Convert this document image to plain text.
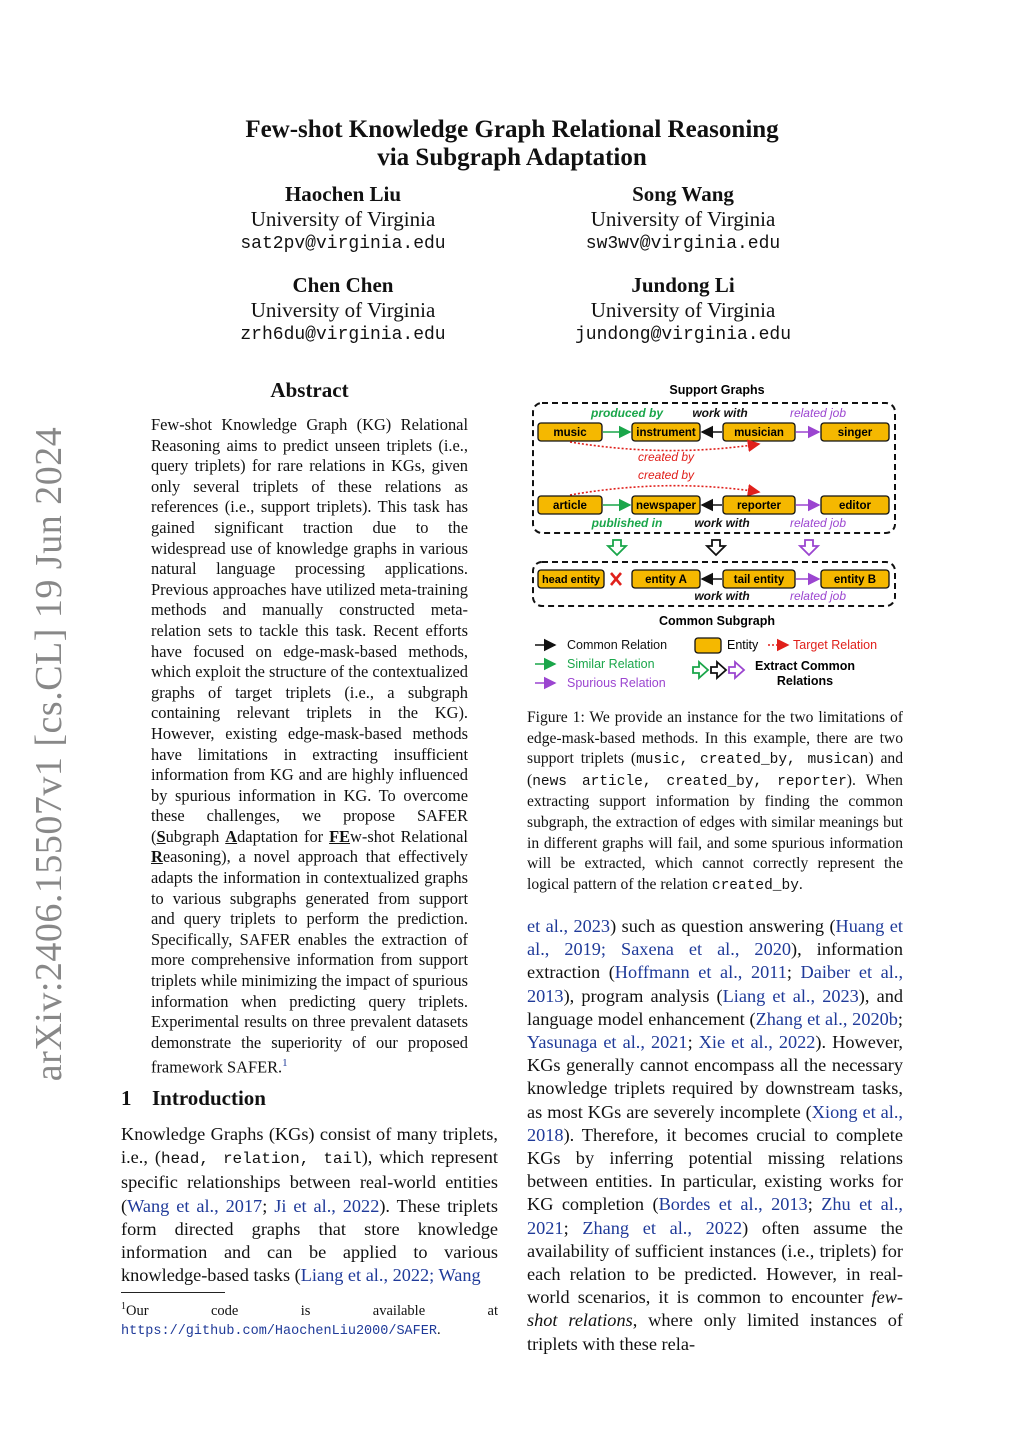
arXiv:2406.15507v1 [cs.CL] 19 Jun 2024
Few-shot Knowledge Graph Relational Reasoning
via Subgraph Adaptation
Haochen Liu
University of Virginia
sat2pv@virginia.edu
Song Wang
University of Virginia
sw3wv@virginia.edu
Chen Chen
University of Virginia
zrh6du@virginia.edu
Jundong Li
University of Virginia
jundong@virginia.edu
Abstract
Few-shot Knowledge Graph (KG) Relational Reasoning aims to predict unseen triplets (i.e., query triplets) for rare relations in KGs, given only several triplets of these relations as references (i.e., support triplets). This task has gained significant traction due to the widespread use of knowledge graphs in various natural language processing applications. Previous approaches have utilized meta-training methods and manually constructed meta-relation sets to tackle this task. Recent efforts have focused on edge-mask-based methods, which exploit the structure of the contextualized graphs of target triplets (i.e., a subgraph containing relevant triplets in the KG). However, existing edge-mask-based methods have limitations in extracting insufficient information from KG and are highly influenced by spurious information in KG. To overcome these challenges, we propose SAFER (Subgraph Adaptation for FEw-shot Relational Reasoning), a novel approach that effectively adapts the information in contextualized graphs to various subgraphs generated from support and query triplets to perform the prediction. Specifically, SAFER enables the extraction of more comprehensive information from support triplets while minimizing the impact of spurious information when predicting query triplets. Experimental results on three prevalent datasets demonstrate the superiority of our proposed framework SAFER.$^1$
1 Introduction
Knowledge Graphs (KGs) consist of many triplets, i.e., (head, relation, tail), which represent specific relationships between real-world entities (Wang et al., 2017; Ji et al., 2022). These triplets form directed graphs that store knowledge information and can be applied to various knowledge-based tasks (Liang et al., 2022; Wang
$^1$Our code is available at https://github.com/HaochenLiu2000/SAFER.
Support Graphs
produced by work with	related job
music	instrument	musician	singer
created by
created by
article	newspaper	reporter	editor
published in	work with	related job
head entity	entity A	tail entity	entity B
work with	related job
Common Subgraph
Common Relation
Similar Relation
Spurious Relation
Entity	Target Relation
Extract Common
Relations
Figure 1: We provide an instance for the two limitations of edge-mask-based methods. In this example, there are two support triplets (music, created_by, musican) and (news article, created_by, reporter). When extracting support information by finding the common subgraph, the extraction of edges with similar meanings but in different graphs will fail, and some spurious information will be extracted, which cannot correctly represent the logical pattern of the relation created_by.
et al., 2023) such as question answering (Huang et al., 2019; Saxena et al., 2020), information extraction (Hoffmann et al., 2011; Daiber et al., 2013), program analysis (Liang et al., 2023), and language model enhancement (Zhang et al., 2020b; Yasunaga et al., 2021; Xie et al., 2022). However, KGs generally cannot encompass all the necessary knowledge triplets required by downstream tasks, as most KGs are severely incomplete (Xiong et al., 2018). Therefore, it becomes crucial to complete KGs by inferring potential missing relations between entities. In particular, existing works for KG completion (Bordes et al., 2013; Zhu et al., 2021; Zhang et al., 2022) often assume the availability of sufficient instances (i.e., triplets) for each relation to be predicted. However, in real-world scenarios, it is common to encounter few-shot relations, where only limited instances of triplets with these rela-
